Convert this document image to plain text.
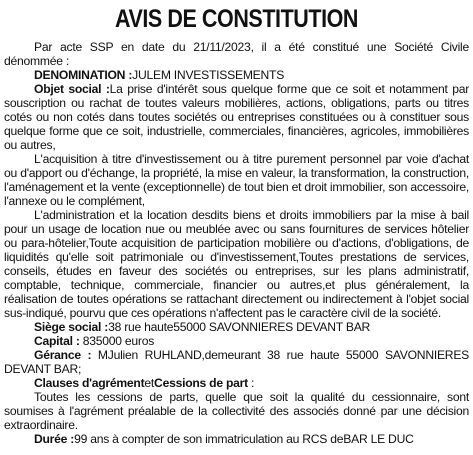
AVIS DE CONSTITUTION

Par acte SSP en date du 21/11/2023, il a été constitué une Société Civile dénommée :

DENOMINATION :JULEM INVESTISSEMENTS

Objet social :La prise d'intérêt sous quelque forme que ce soit et notamment par souscription ou rachat de toutes valeurs mobilières, actions, obligations, parts ou titres cotés ou non cotés dans toutes sociétés ou entreprises constituées ou à constituer sous quelque forme que ce soit, industrielle, commerciales, financières, agricoles, immobilières ou autres,

L'acquisition à titre d'investissement ou à titre purement personnel par voie d'achat ou d'apport ou d'échange, la propriété, la mise en valeur, la transformation, la construction, l'aménagement et la vente (exceptionnelle) de tout bien et droit immobilier, son accessoire, l'annexe ou le complément,

L'administration et la location desdits biens et droits immobiliers par la mise à bail pour un usage de location nue ou meublée avec ou sans fournitures de services hôtelier ou para-hôtelier,Toute acquisition de participation mobilière ou d'actions, d'obligations, de liquidités qu'elle soit patrimoniale ou d'investissement,Toutes prestations de services, conseils, études en faveur des sociétés ou entreprises, sur les plans administratif, comptable, technique, commerciale, financier ou autres,et plus généralement, la réalisation de toutes opérations se rattachant directement ou indirectement à l'objet social sus-indiqué, pourvu que ces opérations n'affectent pas le caractère civil de la société.

Siège social :38 rue haute55000 SAVONNIERES DEVANT BAR

Capital : 835000 euros

Gérance : MJulien RUHLAND,demeurant 38 rue haute 55000 SAVONNIERES DEVANT BAR;

Clauses d'agrémentetCessions de part :

Toutes les cessions de parts, quelle que soit la qualité du cessionnaire, sont soumises à l'agrément préalable de la collectivité des associés donné par une décision extraordinaire.

Durée :99 ans à compter de son immatriculation au RCS deBAR LE DUC
